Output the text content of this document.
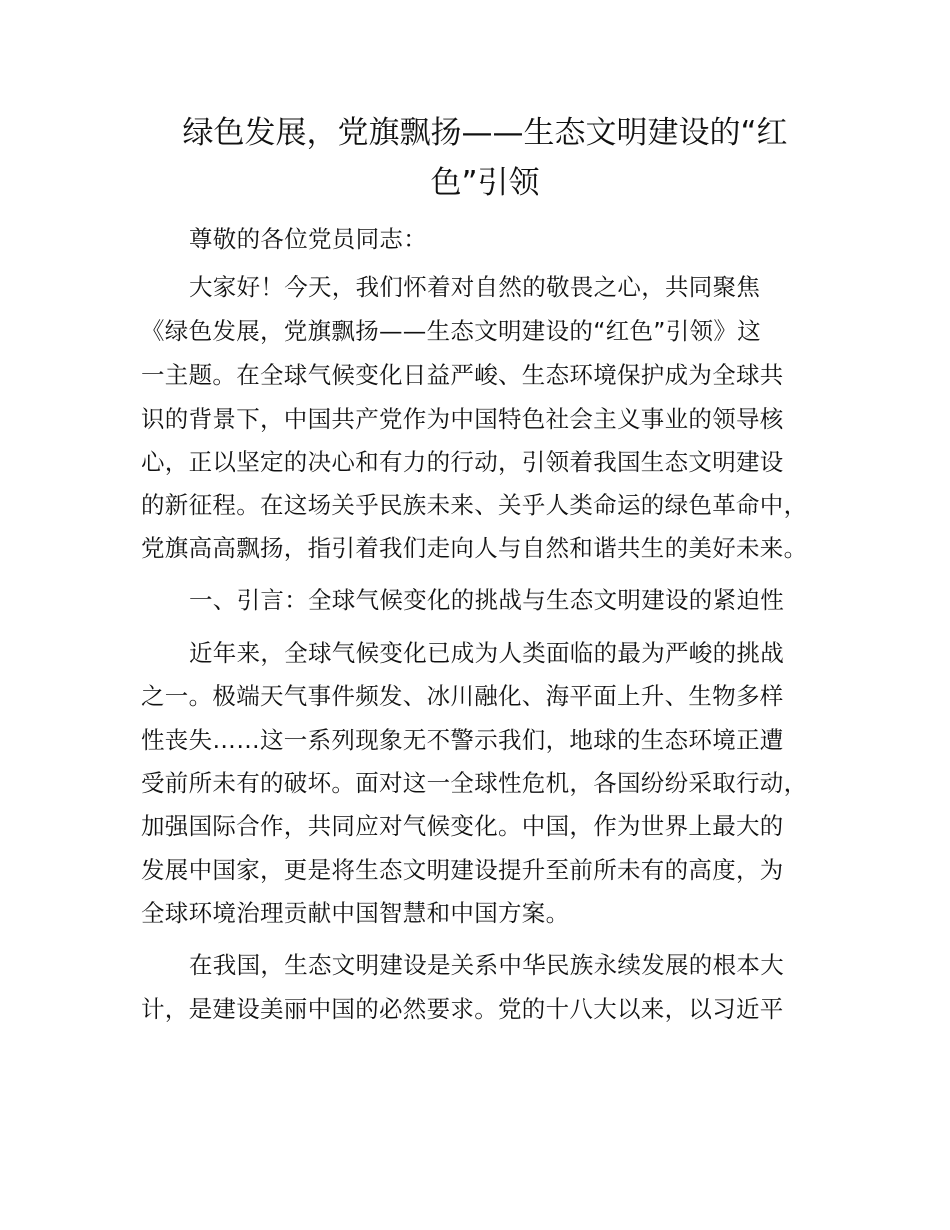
绿色发展，党旗飘扬——生态文明建设的“红
色”引领
尊敬的各位党员同志：
大家好！今天，我们怀着对自然的敬畏之心，共同聚焦
《绿色发展，党旗飘扬——生态文明建设的“红色”引领》这
一主题。在全球气候变化日益严峻、生态环境保护成为全球共
识的背景下，中国共产党作为中国特色社会主义事业的领导核
心，正以坚定的决心和有力的行动，引领着我国生态文明建设
的新征程。在这场关乎民族未来、关乎人类命运的绿色革命中，
党旗高高飘扬，指引着我们走向人与自然和谐共生的美好未来。
一、引言：全球气候变化的挑战与生态文明建设的紧迫性
近年来，全球气候变化已成为人类面临的最为严峻的挑战
之一。极端天气事件频发、冰川融化、海平面上升、生物多样
性丧失……这一系列现象无不警示我们，地球的生态环境正遭
受前所未有的破坏。面对这一全球性危机，各国纷纷采取行动，
加强国际合作，共同应对气候变化。中国，作为世界上最大的
发展中国家，更是将生态文明建设提升至前所未有的高度，为
全球环境治理贡献中国智慧和中国方案。
在我国，生态文明建设是关系中华民族永续发展的根本大
计，是建设美丽中国的必然要求。党的十八大以来，以习近平
